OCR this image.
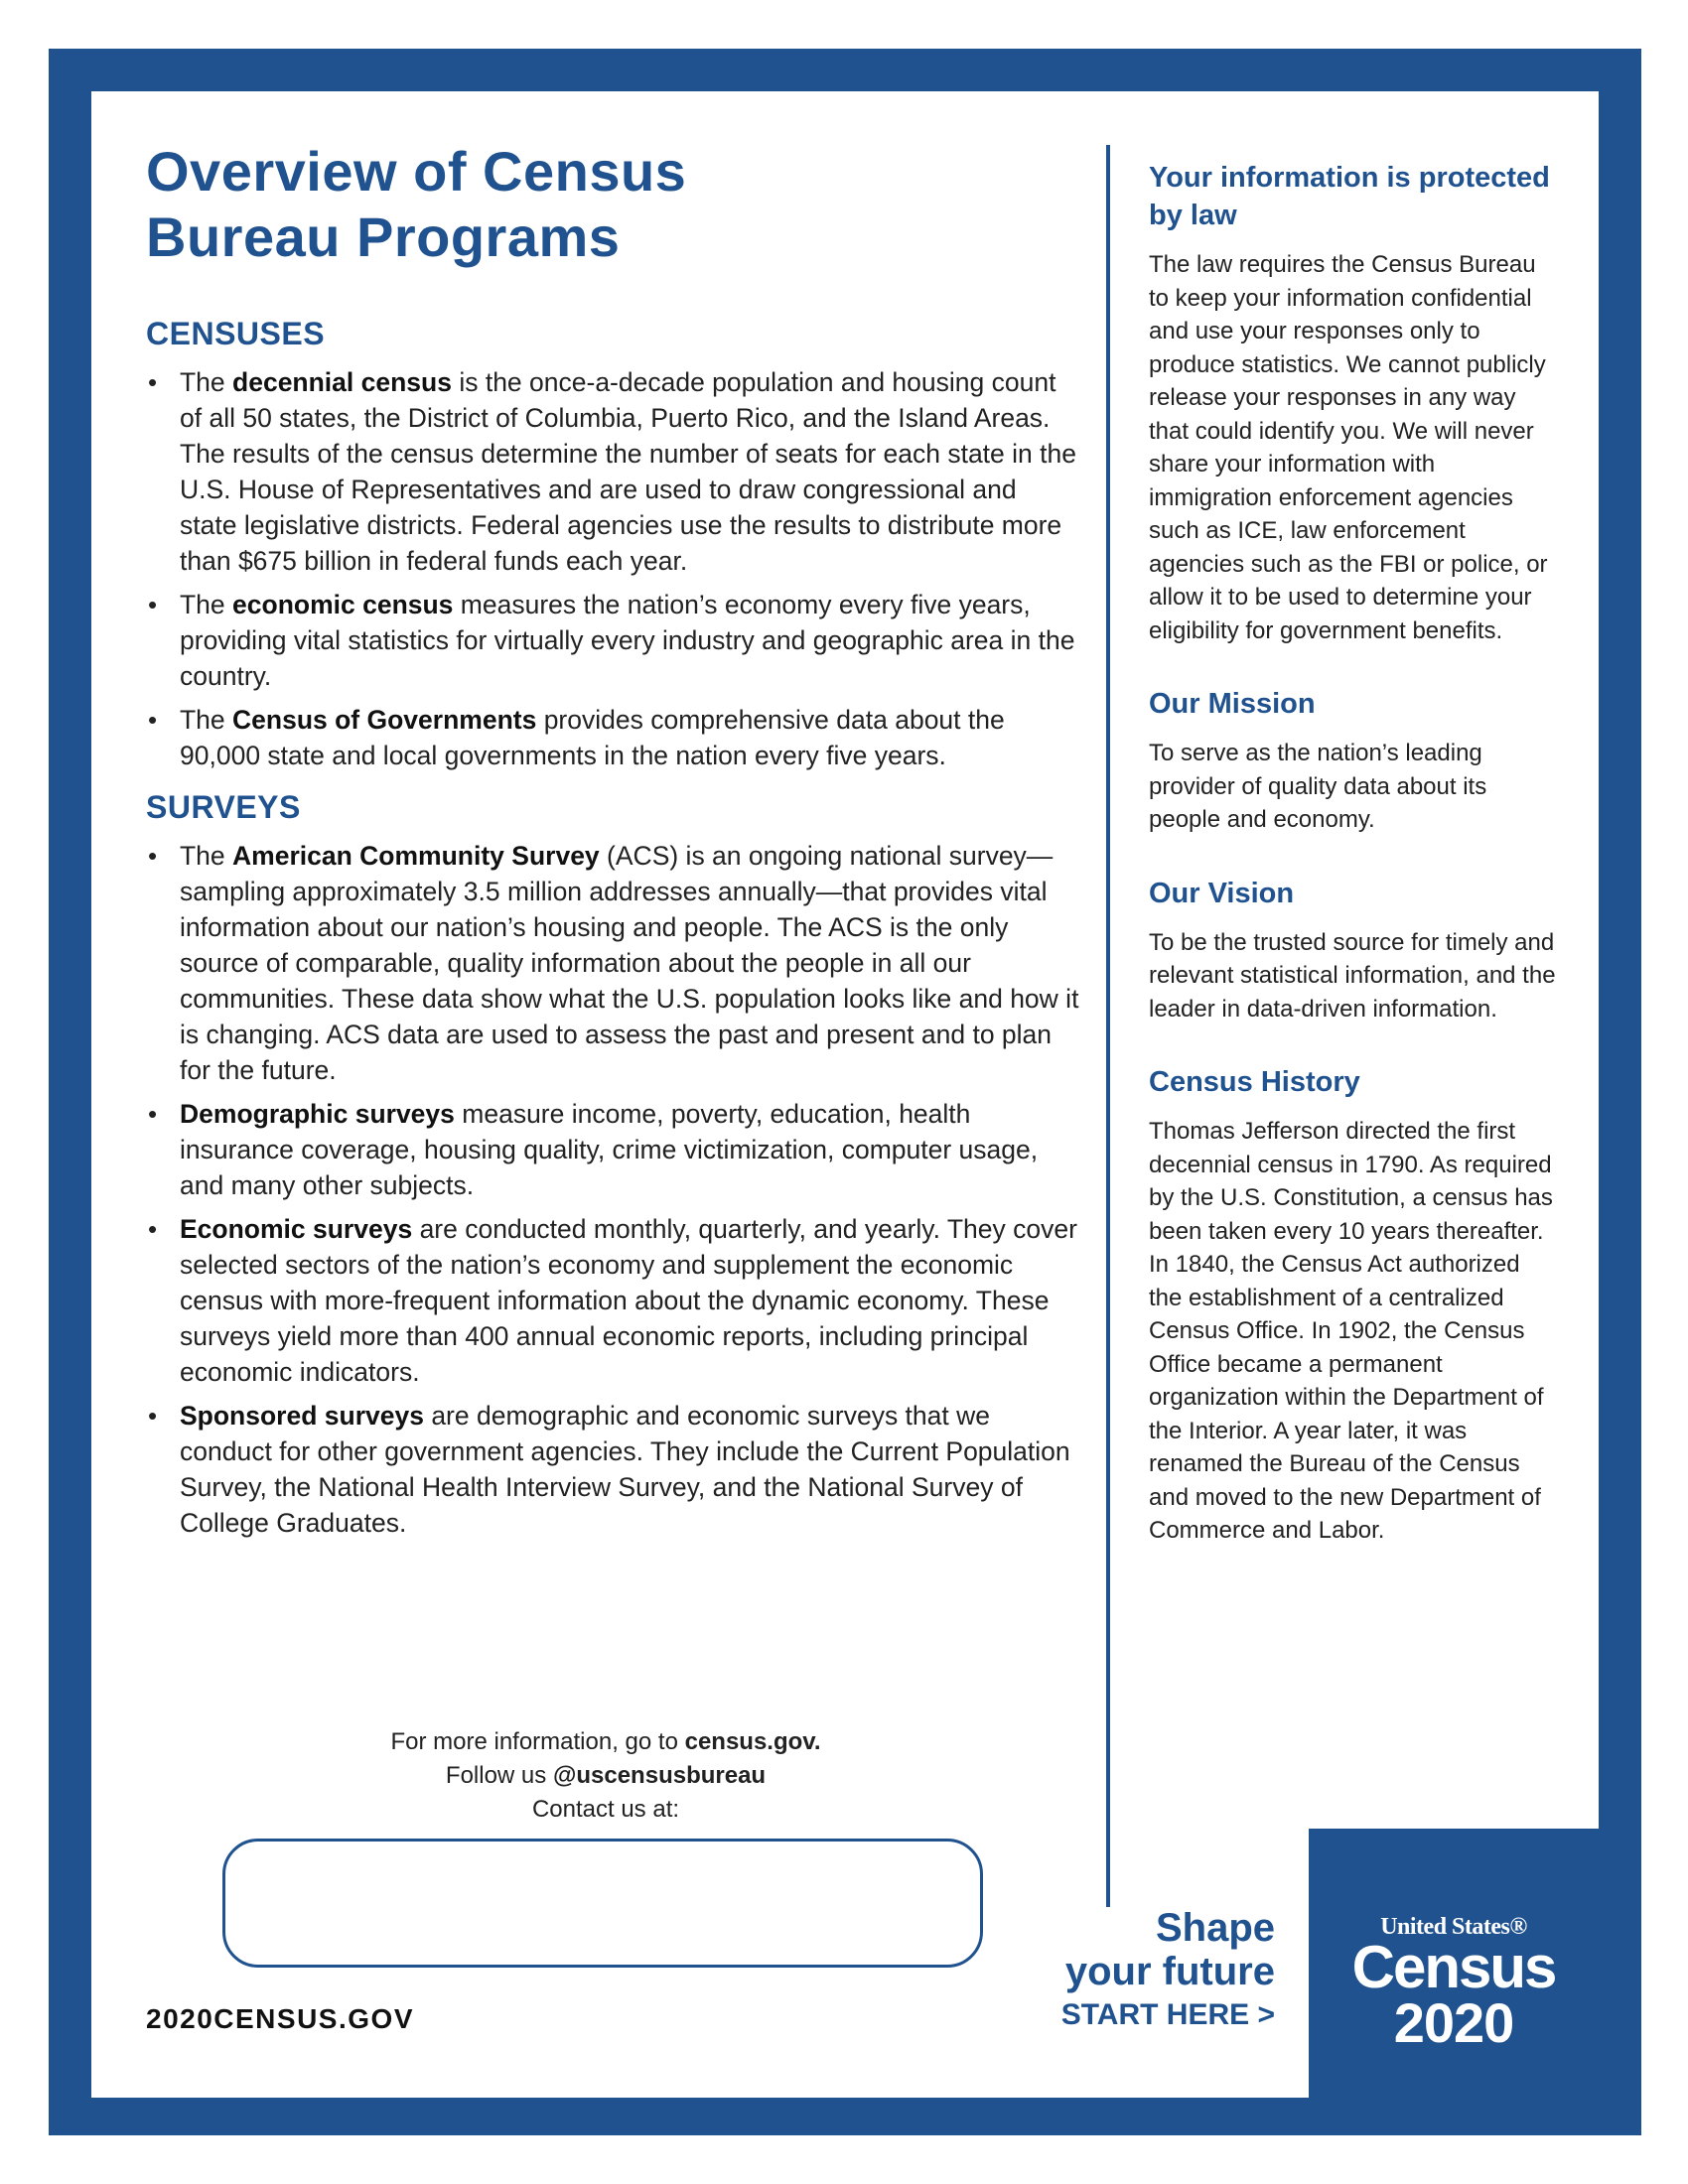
Overview of Census
Bureau Programs
CENSUSES
• The decennial census is the once-a-decade population and housing count of all 50 states, the District of Columbia, Puerto Rico, and the Island Areas. The results of the census determine the number of seats for each state in the U.S. House of Representatives and are used to draw congressional and state legislative districts. Federal agencies use the results to distribute more than $675 billion in federal funds each year.
• The economic census measures the nation’s economy every five years, providing vital statistics for virtually every industry and geographic area in the country.
• The Census of Governments provides comprehensive data about the 90,000 state and local governments in the nation every five years.
SURVEYS
• The American Community Survey (ACS) is an ongoing national survey—sampling approximately 3.5 million addresses annually—that provides vital information about our nation’s housing and people. The ACS is the only source of comparable, quality information about the people in all our communities. These data show what the U.S. population looks like and how it is changing. ACS data are used to assess the past and present and to plan for the future.
• Demographic surveys measure income, poverty, education, health insurance coverage, housing quality, crime victimization, computer usage, and many other subjects.
• Economic surveys are conducted monthly, quarterly, and yearly. They cover selected sectors of the nation’s economy and supplement the economic census with more-frequent information about the dynamic economy. These surveys yield more than 400 annual economic reports, including principal economic indicators.
• Sponsored surveys are demographic and economic surveys that we conduct for other government agencies. They include the Current Population Survey, the National Health Interview Survey, and the National Survey of College Graduates.
For more information, go to census.gov.
Follow us @uscensusbureau
Contact us at:
2020CENSUS.GOV
Your information is protected by law

The law requires the Census Bureau to keep your information confidential and use your responses only to produce statistics. We cannot publicly release your responses in any way that could identify you. We will never share your information with immigration enforcement agencies such as ICE, law enforcement agencies such as the FBI or police, or allow it to be used to determine your eligibility for government benefits.

Our Mission

To serve as the nation’s leading provider of quality data about its people and economy.

Our Vision

To be the trusted source for timely and relevant statistical information, and the leader in data-driven information.

Census History

Thomas Jefferson directed the first decennial census in 1790. As required by the U.S. Constitution, a census has been taken every 10 years thereafter. In 1840, the Census Act authorized the establishment of a centralized Census Office. In 1902, the Census Office became a permanent organization within the Department of the Interior. A year later, it was renamed the Bureau of the Census and moved to the new Department of Commerce and Labor.

Shape
your future
START HERE >
United States®
Census
2020
